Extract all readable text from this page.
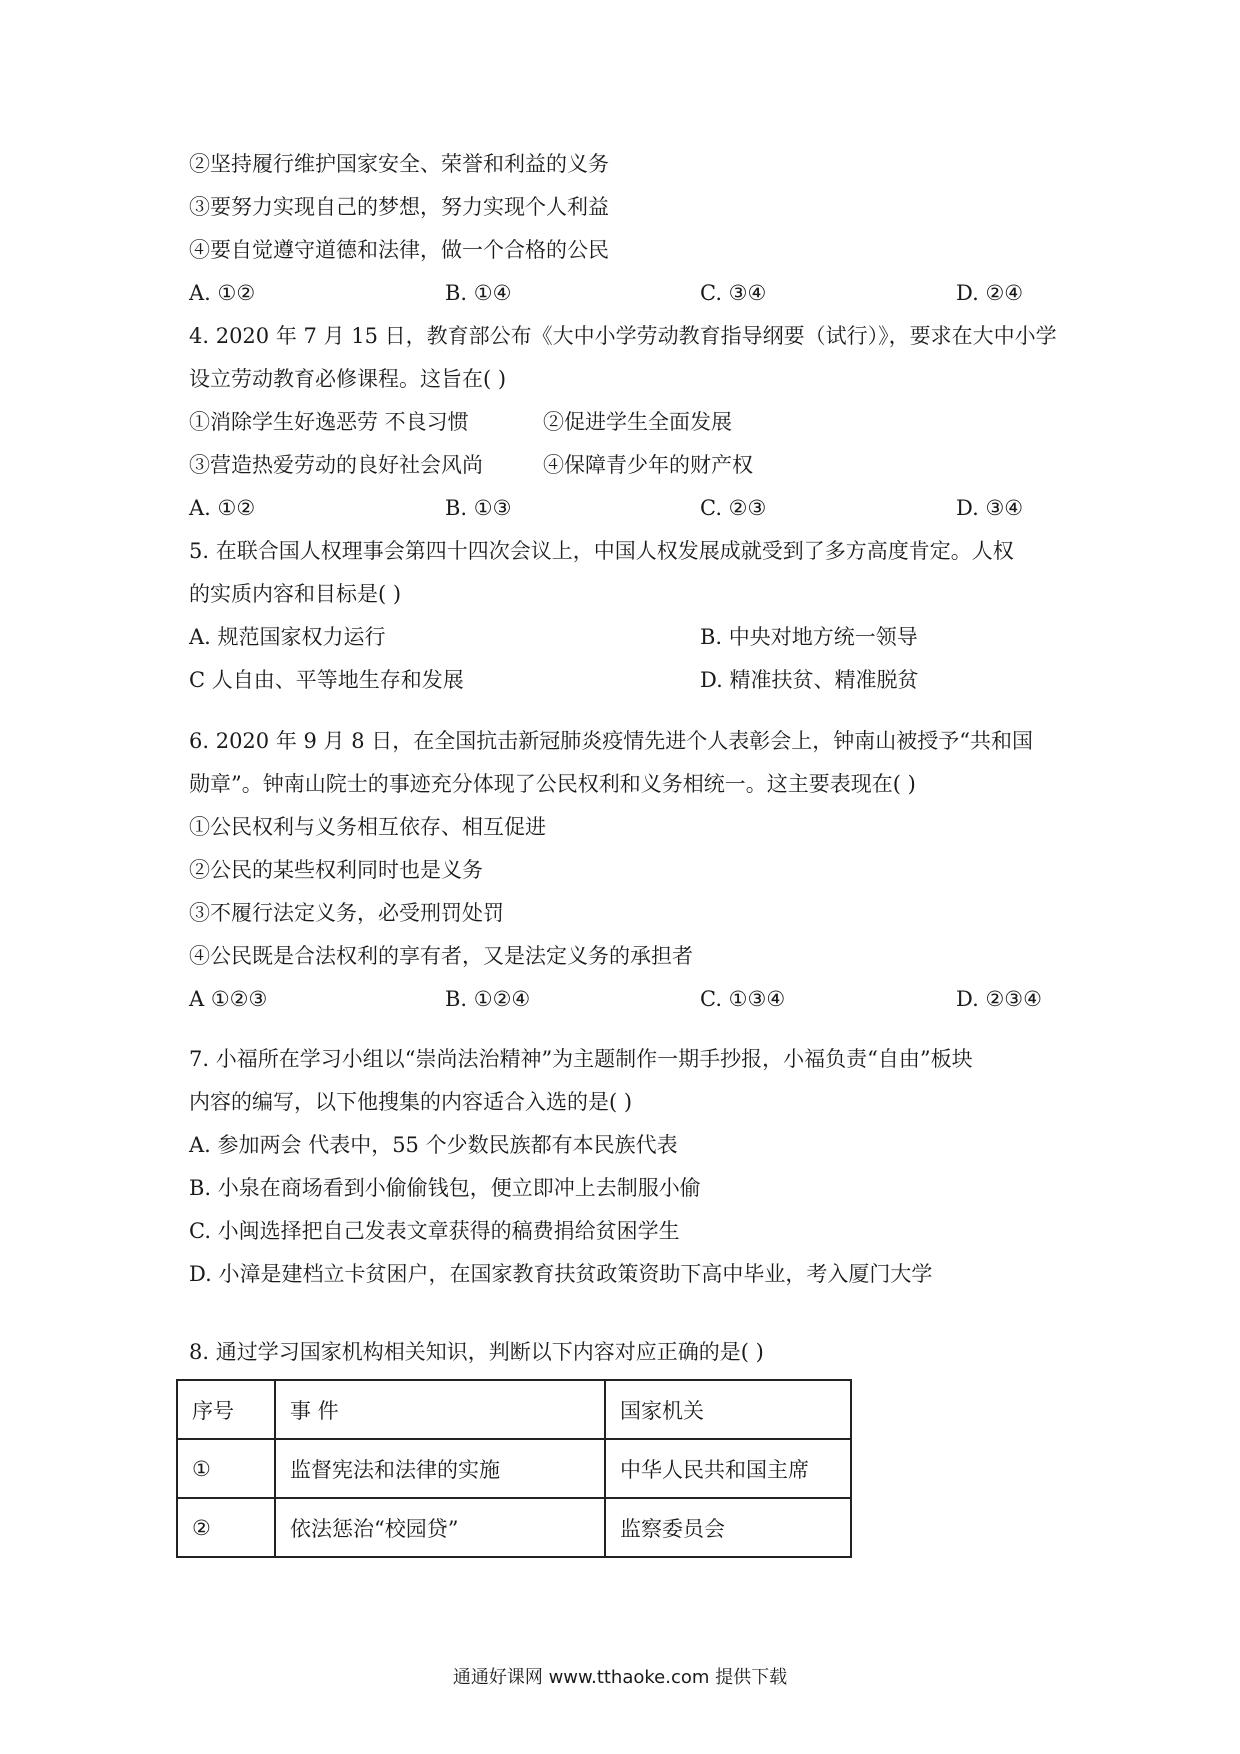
②坚持履行维护国家安全、荣誉和利益的义务
③要努力实现自己的梦想，努力实现个人利益
④要自觉遵守道德和法律，做一个合格的公民
A. ①②	B. ①④	C. ③④	D. ②④
4. 2020 年 7 月 15 日，教育部公布《大中小学劳动教育指导纲要（试行）》，要求在大中小学
设立劳动教育必修课程。这旨在( )
①消除学生好逸恶劳 不良习惯	②促进学生全面发展
③营造热爱劳动的良好社会风尚	④保障青少年的财产权
A. ①②	B. ①③	C. ②③	D. ③④
5. 在联合国人权理事会第四十四次会议上，中国人权发展成就受到了多方高度肯定。人权
的实质内容和目标是( )
A. 规范国家权力运行	B. 中央对地方统一领导
C 人自由、平等地生存和发展	D. 精准扶贫、精准脱贫
6. 2020 年 9 月 8 日，在全国抗击新冠肺炎疫情先进个人表彰会上，钟南山被授予“共和国
勋章”。钟南山院士的事迹充分体现了公民权利和义务相统一。这主要表现在( )
①公民权利与义务相互依存、相互促进
②公民的某些权利同时也是义务
③不履行法定义务，必受刑罚处罚
④公民既是合法权利的享有者，又是法定义务的承担者
A ①②③	B. ①②④	C. ①③④	D. ②③④
7. 小福所在学习小组以“崇尚法治精神”为主题制作一期手抄报，小福负责“自由”板块
内容的编写，以下他搜集的内容适合入选的是( )
A. 参加两会 代表中，55 个少数民族都有本民族代表
B. 小泉在商场看到小偷偷钱包，便立即冲上去制服小偷
C. 小闽选择把自己发表文章获得的稿费捐给贫困学生
D. 小漳是建档立卡贫困户，在国家教育扶贫政策资助下高中毕业，考入厦门大学
8. 通过学习国家机构相关知识，判断以下内容对应正确的是( )
序号	事 件	国家机关
①	监督宪法和法律的实施	中华人民共和国主席
②	依法惩治“校园贷”	监察委员会
通通好课网 www.tthaoke.com 提供下载
